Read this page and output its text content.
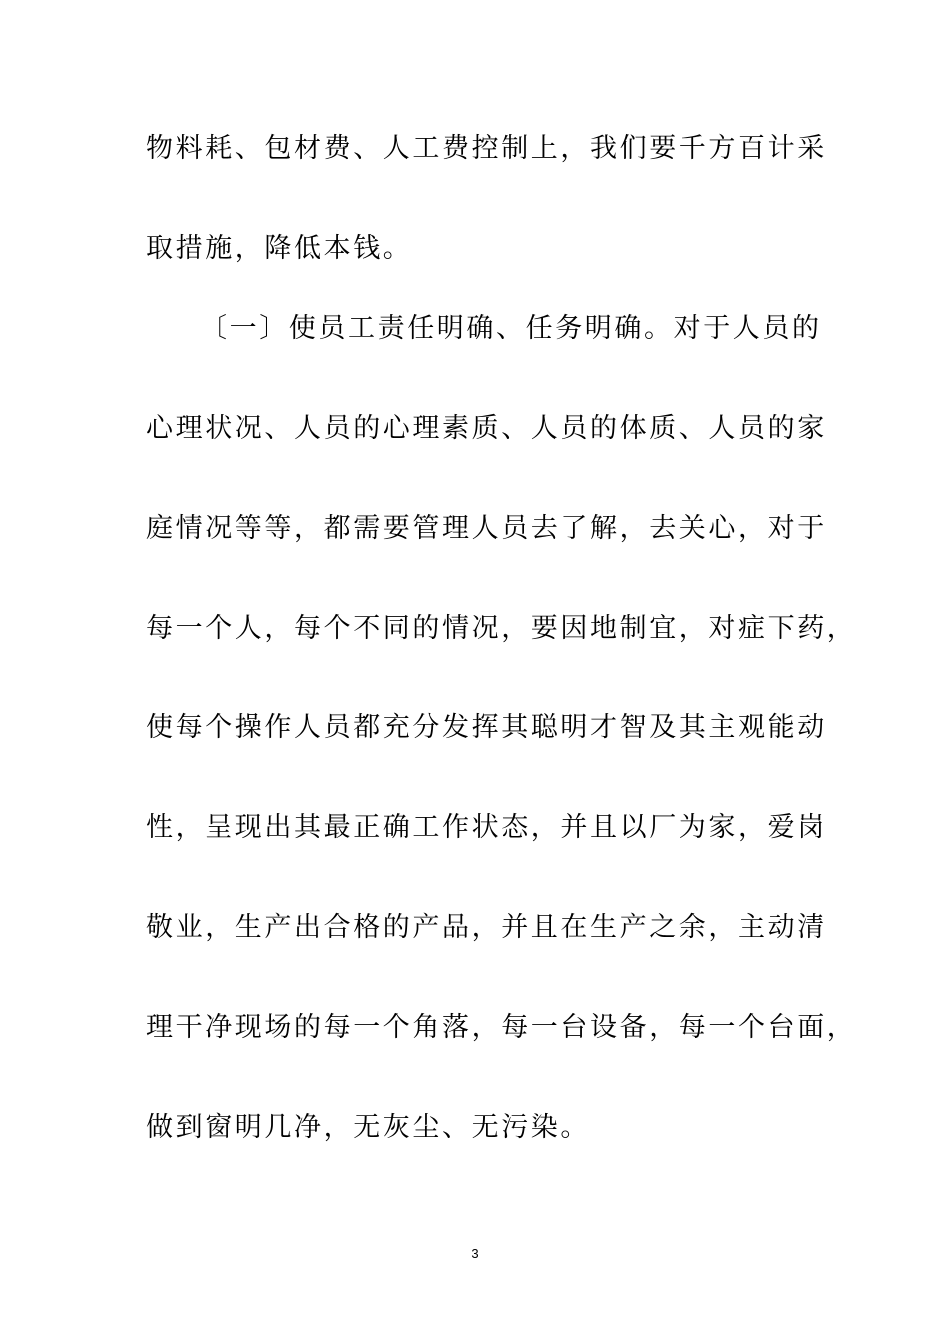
物料耗、包材费、人工费控制上，我们要千方百计采
取措施，降低本钱。
〔一〕使员工责任明确、任务明确。对于人员的
心理状况、人员的心理素质、人员的体质、人员的家
庭情况等等，都需要管理人员去了解，去关心，对于
每一个人，每个不同的情况，要因地制宜，对症下药，
使每个操作人员都充分发挥其聪明才智及其主观能动
性，呈现出其最正确工作状态，并且以厂为家，爱岗
敬业，生产出合格的产品，并且在生产之余，主动清
理干净现场的每一个角落，每一台设备，每一个台面，
做到窗明几净，无灰尘、无污染。
3
